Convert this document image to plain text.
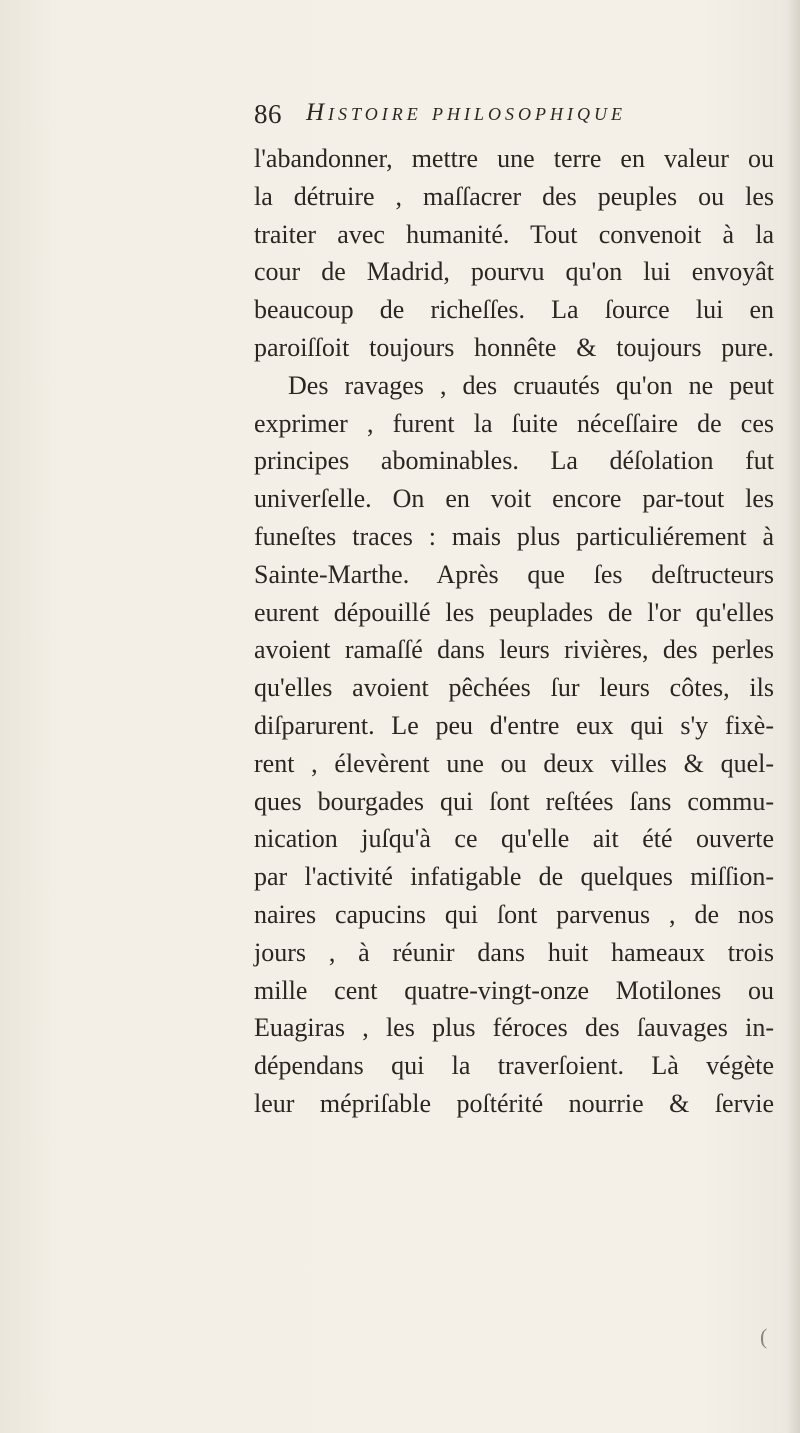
86 Histoire philosophique
l'abandonner, mettre une terre en valeur ou
la détruire , maſſacrer des peuples ou les
traiter avec humanité. Tout convenoit à la
cour de Madrid, pourvu qu'on lui envoyât
beaucoup de richeſſes. La ſource lui en
paroiſſoit toujours honnête & toujours pure.
Des ravages , des cruautés qu'on ne peut
exprimer , furent la ſuite néceſſaire de ces
principes abominables. La déſolation fut
univerſelle. On en voit encore par-tout les
funeſtes traces : mais plus particuliérement à
Sainte-Marthe. Après que ſes deſtructeurs
eurent dépouillé les peuplades de l'or qu'elles
avoient ramaſſé dans leurs rivières, des perles
qu'elles avoient pêchées ſur leurs côtes, ils
diſparurent. Le peu d'entre eux qui s'y fixè-
rent , élevèrent une ou deux villes & quel-
ques bourgades qui ſont reſtées ſans commu-
nication juſqu'à ce qu'elle ait été ouverte
par l'activité infatigable de quelques miſſion-
naires capucins qui ſont parvenus , de nos
jours , à réunir dans huit hameaux trois
mille cent quatre-vingt-onze Motilones ou
Euagiras , les plus féroces des ſauvages in-
dépendans qui la traverſoient. Là végète
leur mépriſable poſtérité nourrie & ſervie
(
